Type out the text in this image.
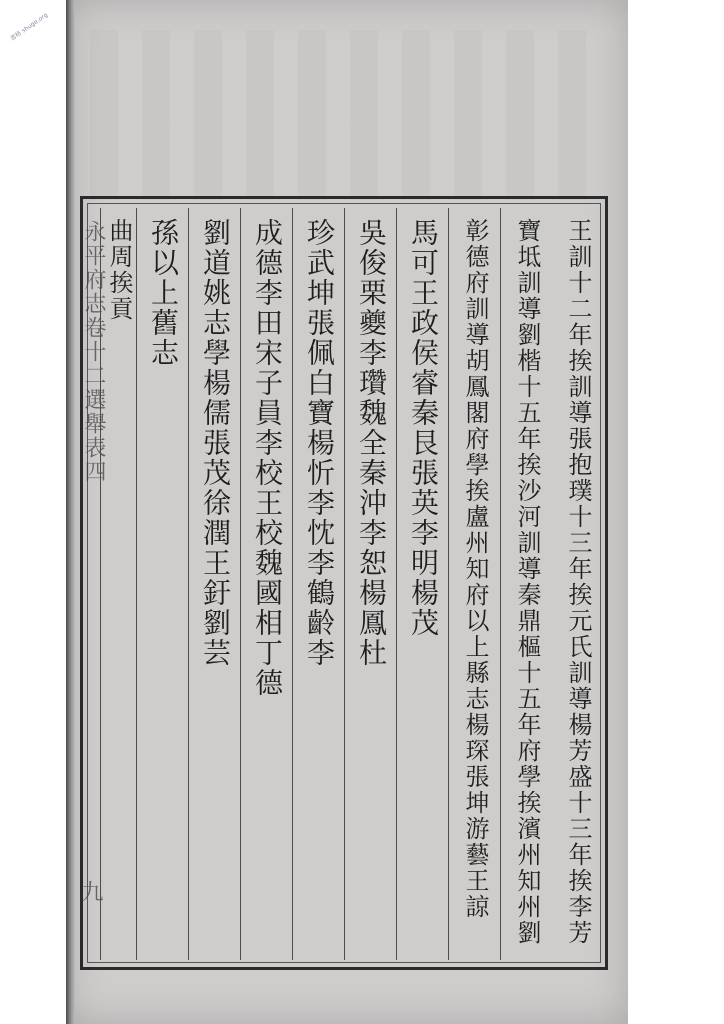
書格 shuge.org
永平府志卷十二選舉表四
九
王訓十二年挨訓導張抱璞十三年挨元氏訓導楊芳盛十三年挨李芳
寶坻訓導劉楷十五年挨沙河訓導秦鼎樞十五年府學挨濱州知州劉
彰德府訓導胡鳳閣府學挨盧州知府以上縣志楊琛張坤游藝王諒
馬可王政侯睿秦艮張英李明楊茂
吳俊栗夔李瓚魏全秦沖李恕楊鳳杜
珍武坤張佩白寶楊忻李忱李鶴齡李
成德李田宋子員李校王校魏國相丁德
劉道姚志學楊儒張茂徐潤王釪劉芸
孫以上舊志
曲周挨貢
